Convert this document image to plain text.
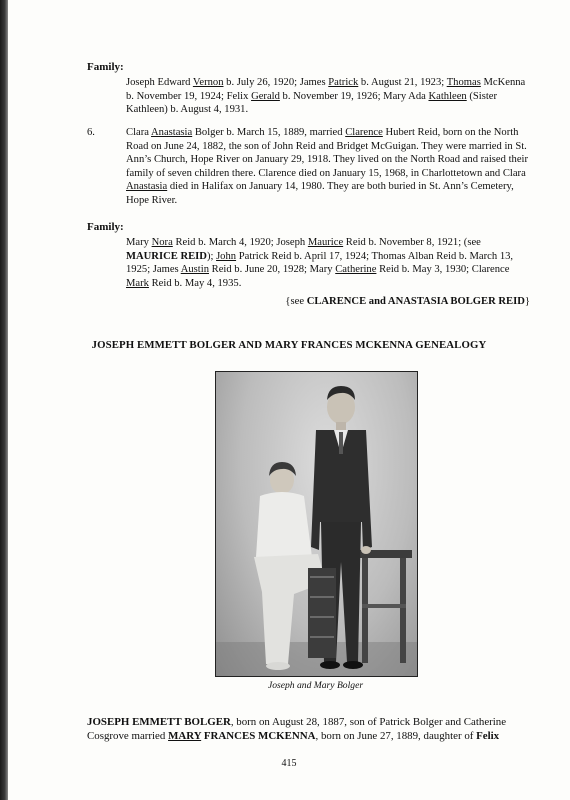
Family:

Joseph Edward Vernon b. July 26, 1920; James Patrick b. August 21, 1923; Thomas McKenna b. November 19, 1924; Felix Gerald b. November 19, 1926; Mary Ada Kathleen (Sister Kathleen) b. August 4, 1931.

6.	Clara Anastasia Bolger b. March 15, 1889, married Clarence Hubert Reid, born on the North Road on June 24, 1882, the son of John Reid and Bridget McGuigan. They were married in St. Ann’s Church, Hope River on January 29, 1918. They lived on the North Road and raised their family of seven children there. Clarence died on January 15, 1968, in Charlottetown and Clara Anastasia died in Halifax on January 14, 1980. They are both buried in St. Ann’s Cemetery, Hope River.

Family:

Mary Nora Reid b. March 4, 1920; Joseph Maurice Reid b. November 8, 1921; (see MAURICE REID); John Patrick Reid b. April 17, 1924; Thomas Alban Reid b. March 13, 1925; James Austin Reid b. June 20, 1928; Mary Catherine Reid b. May 3, 1930; Clarence Mark Reid b. May 4, 1935.

{see CLARENCE and ANASTASIA BOLGER REID}

JOSEPH EMMETT BOLGER AND MARY FRANCES MCKENNA GENEALOGY
Joseph and Mary Bolger

JOSEPH EMMETT BOLGER, born on August 28, 1887, son of Patrick Bolger and Catherine Cosgrove married MARY FRANCES MCKENNA, born on June 27, 1889, daughter of Felix

415
